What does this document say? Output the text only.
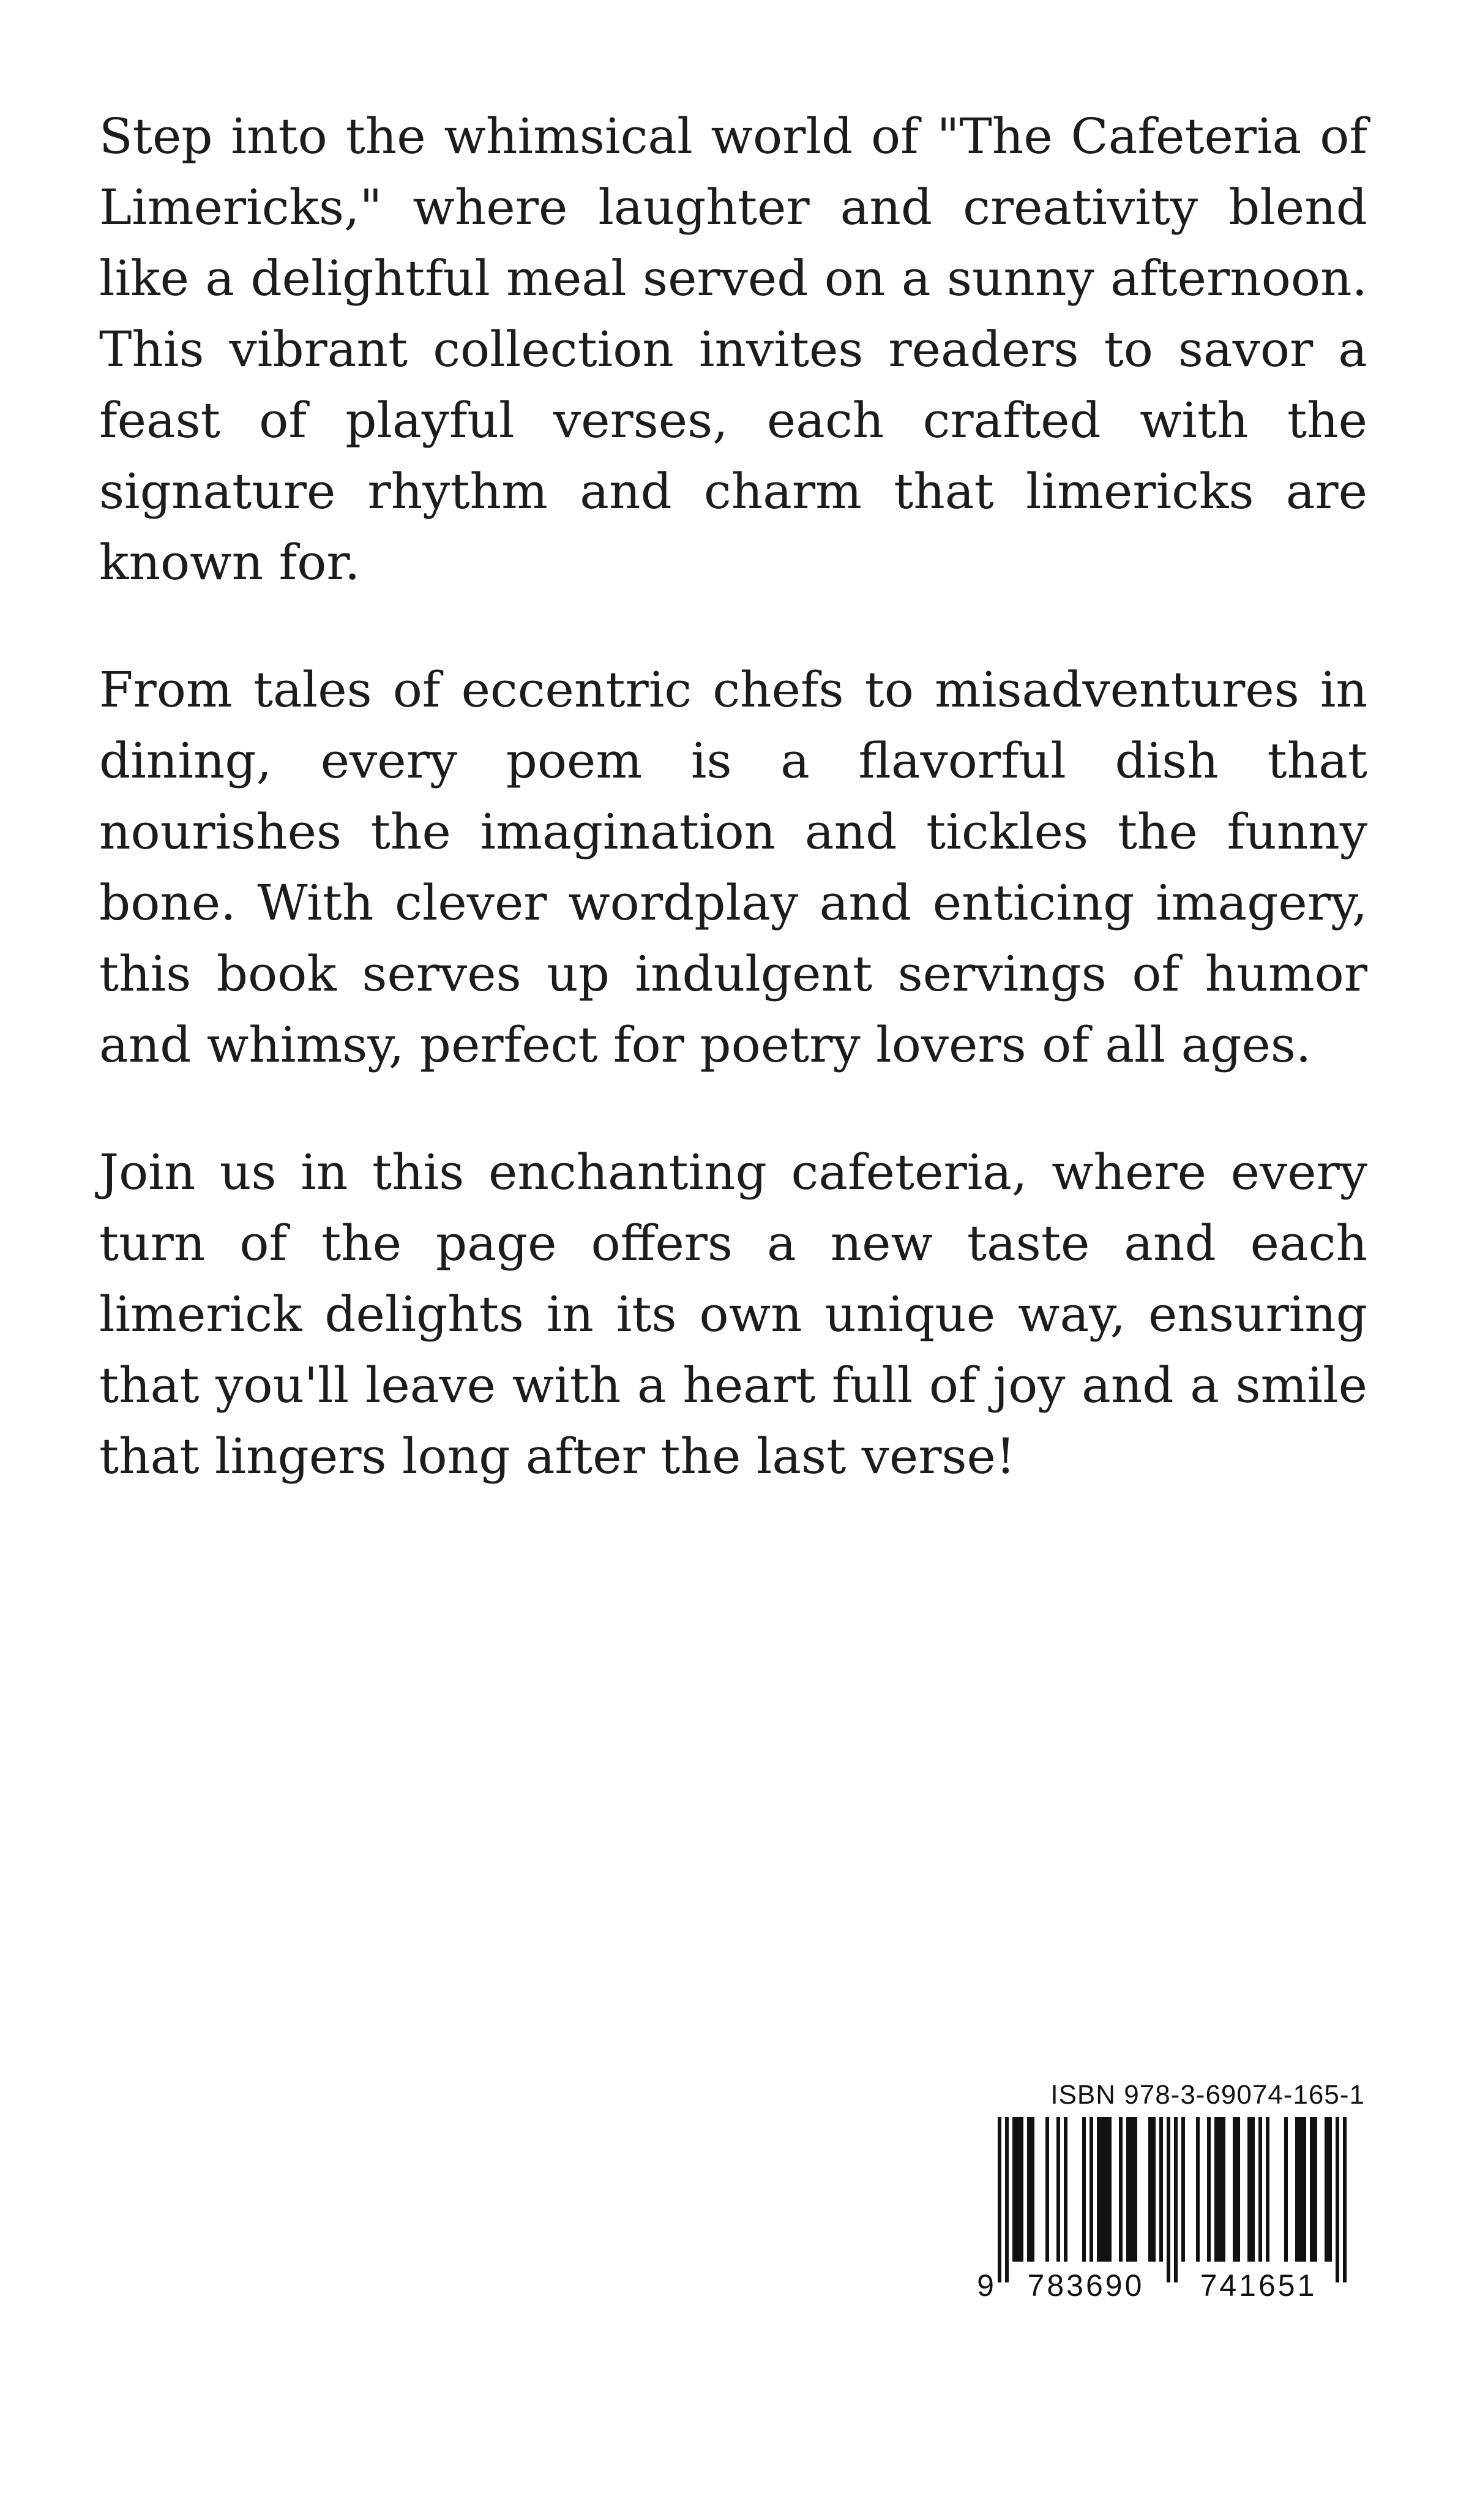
Step into the whimsical world of "The Cafeteria of Limericks," where laughter and creativity blend like a delightful meal served on a sunny afternoon. This vibrant collection invites readers to savor a feast of playful verses, each crafted with the signature rhythm and charm that limericks are known for.

From tales of eccentric chefs to misadventures in dining, every poem is a flavorful dish that nourishes the imagination and tickles the funny bone. With clever wordplay and enticing imagery, this book serves up indulgent servings of humor and whimsy, perfect for poetry lovers of all ages.

Join us in this enchanting cafeteria, where every turn of the page offers a new taste and each limerick delights in its own unique way, ensuring that you'll leave with a heart full of joy and a smile that lingers long after the last verse!

ISBN 978-3-69074-165-1
9 783690 741651
